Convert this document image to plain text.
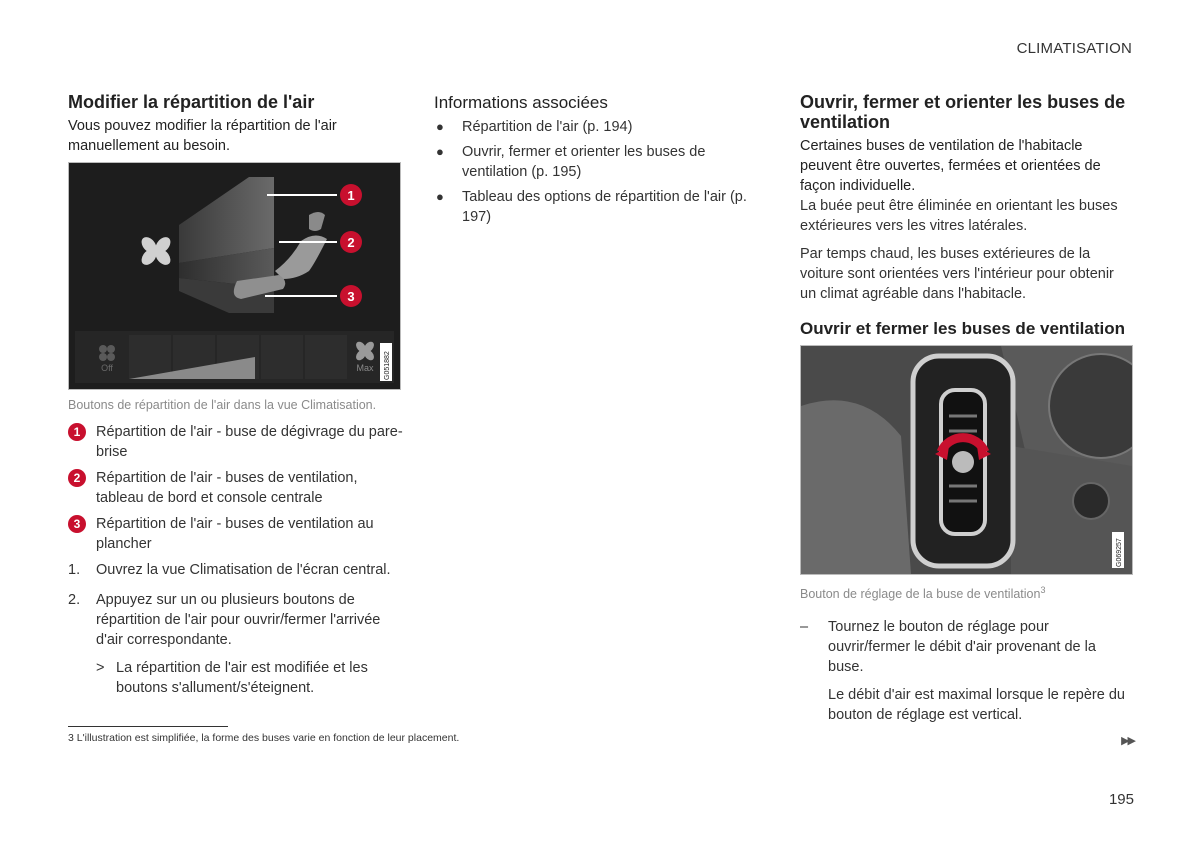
CLIMATISATION
Modifier la répartition de l'air

Vous pouvez modifier la répartition de l'air manuellement au besoin.

1
2
3
Off	Max G051882
Boutons de répartition de l'air dans la vue Climatisation.
1	Répartition de l'air - buse de dégivrage du pare-brise
2	Répartition de l'air - buses de ventilation, tableau de bord et console centrale
3	Répartition de l'air - buses de ventilation au plancher
1. Ouvrez la vue Climatisation de l'écran central.
2. Appuyez sur un ou plusieurs boutons de répartition de l'air pour ouvrir/fermer l'arrivée d'air correspondante.
> La répartition de l'air est modifiée et les boutons s'allument/s'éteignent.
Informations associées
● Répartition de l'air (p. 194)
● Ouvrir, fermer et orienter les buses de ventilation (p. 195)
● Tableau des options de répartition de l'air (p. 197)
Ouvrir, fermer et orienter les buses de ventilation

Certaines buses de ventilation de l'habitacle peuvent être ouvertes, fermées et orientées de façon individuelle.

La buée peut être éliminée en orientant les buses extérieures vers les vitres latérales.

Par temps chaud, les buses extérieures de la voiture sont orientées vers l'intérieur pour obtenir un climat agréable dans l'habitacle.

Ouvrir et fermer les buses de ventilation
G069257
Bouton de réglage de la buse de ventilation$^3$
– Tournez le bouton de réglage pour ouvrir/fermer le débit d'air provenant de la buse.
Le débit d'air est maximal lorsque le repère du bouton de réglage est vertical.
3 L'illustration est simplifiée, la forme des buses varie en fonction de leur placement.	▶▶
195
